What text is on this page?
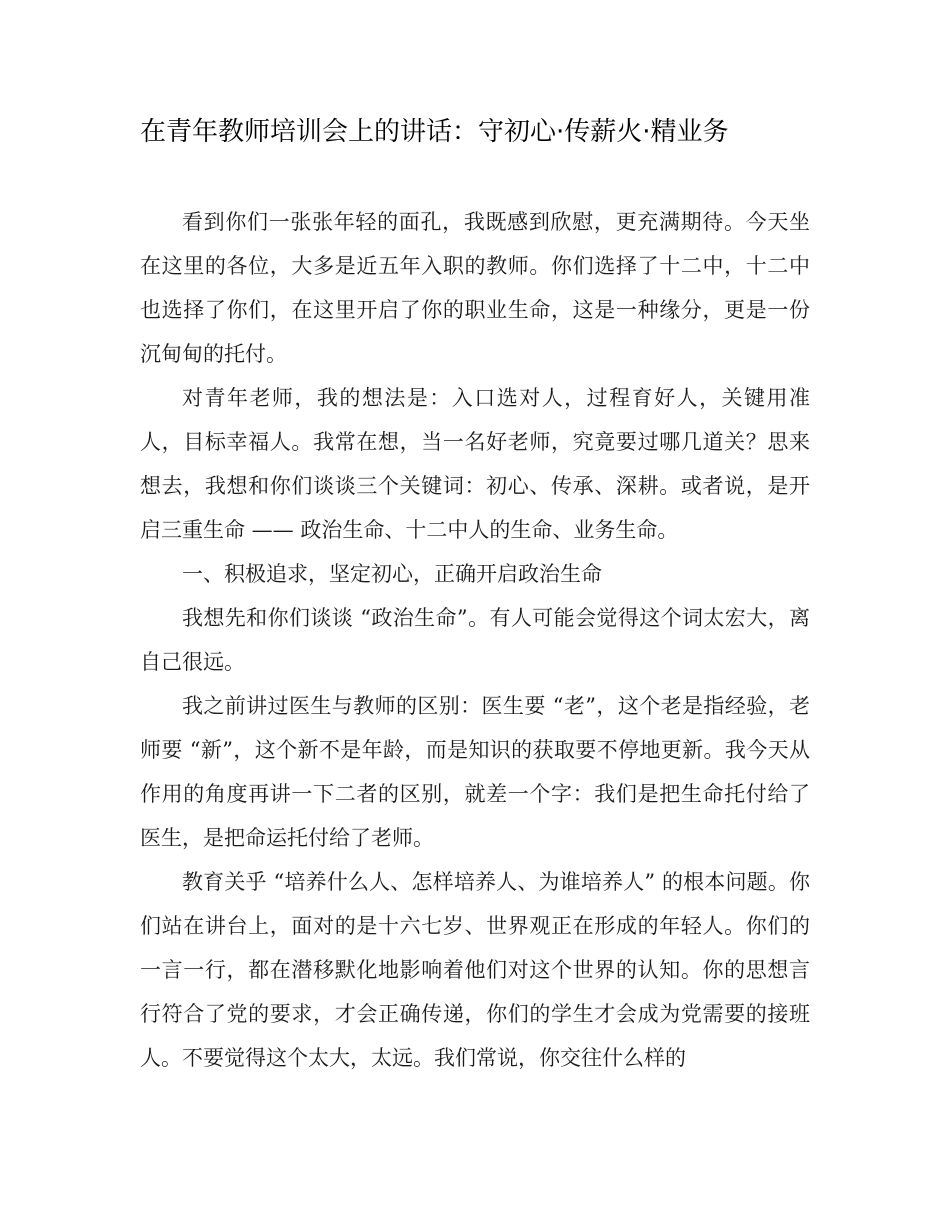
在青年教师培训会上的讲话：守初心·传薪火·精业务

看到你们一张张年轻的面孔，我既感到欣慰，更充满期待。今天坐在这里的各位，大多是近五年入职的教师。你们选择了十二中，十二中也选择了你们，在这里开启了你的职业生命，这是一种缘分，更是一份沉甸甸的托付。

对青年老师，我的想法是：入口选对人，过程育好人，关键用准人，目标幸福人。我常在想，当一名好老师，究竟要过哪几道关？思来想去，我想和你们谈谈三个关键词：初心、传承、深耕。或者说，是开启三重生命 —— 政治生命、十二中人的生命、业务生命。

一、积极追求，坚定初心，正确开启政治生命

我想先和你们谈谈 “政治生命”。有人可能会觉得这个词太宏大，离自己很远。

我之前讲过医生与教师的区别：医生要 “老”，这个老是指经验，老师要 “新”，这个新不是年龄，而是知识的获取要不停地更新。我今天从作用的角度再讲一下二者的区别，就差一个字：我们是把生命托付给了医生，是把命运托付给了老师。

教育关乎 “培养什么人、怎样培养人、为谁培养人” 的根本问题。你们站在讲台上，面对的是十六七岁、世界观正在形成的年轻人。你们的一言一行，都在潜移默化地影响着他们对这个世界的认知。你的思想言行符合了党的要求，才会正确传递，你们的学生才会成为党需要的接班人。不要觉得这个太大，太远。我们常说，你交往什么样的
